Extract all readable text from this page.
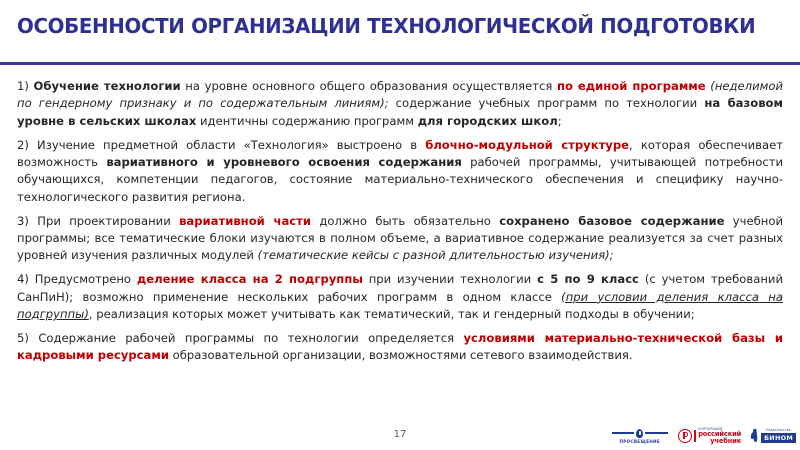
ОСОБЕННОСТИ ОРГАНИЗАЦИИ ТЕХНОЛОГИЧЕСКОЙ ПОДГОТОВКИ

1) Обучение технологии на уровне основного общего образования осуществляется по единой программе (неделимой по гендерному признаку и по содержательным линиям); содержание учебных программ по технологии на базовом уровне в сельских школах идентичны содержанию программ для городских школ;

2) Изучение предметной области «Технология» выстроено в блочно-модульной структуре, которая обеспечивает возможность вариативного и уровневого освоения содержания рабочей программы, учитывающей потребности обучающихся, компетенции педагогов, состояние материально-технического обеспечения и специфику научно-технологического развития региона.

3) При проектировании вариативной части должно быть обязательно сохранено базовое содержание учебной программы; все тематические блоки изучаются в полном объеме, а вариативное содержание реализуется за счет разных уровней изучения различных модулей (тематические кейсы с разной длительностью изучения);

4) Предусмотрено деление класса на 2 подгруппы при изучении технологии с 5 по 9 класс (с учетом требований СанПиН); возможно применение нескольких рабочих программ в одном классе (при условии деления класса на подгруппы), реализация которых может учитывать как тематический, так и гендерный подходы в обучении;

5) Содержание рабочей программы по технологии определяется условиями материально-технической базы и кадровыми ресурсами образовательной организации, возможностями сетевого взаимодействия.

17
ПРОСВЕЩЕНИЕ
КОРПОРАЦИЯ
российский
учебник
Издательство
БИНОМ
